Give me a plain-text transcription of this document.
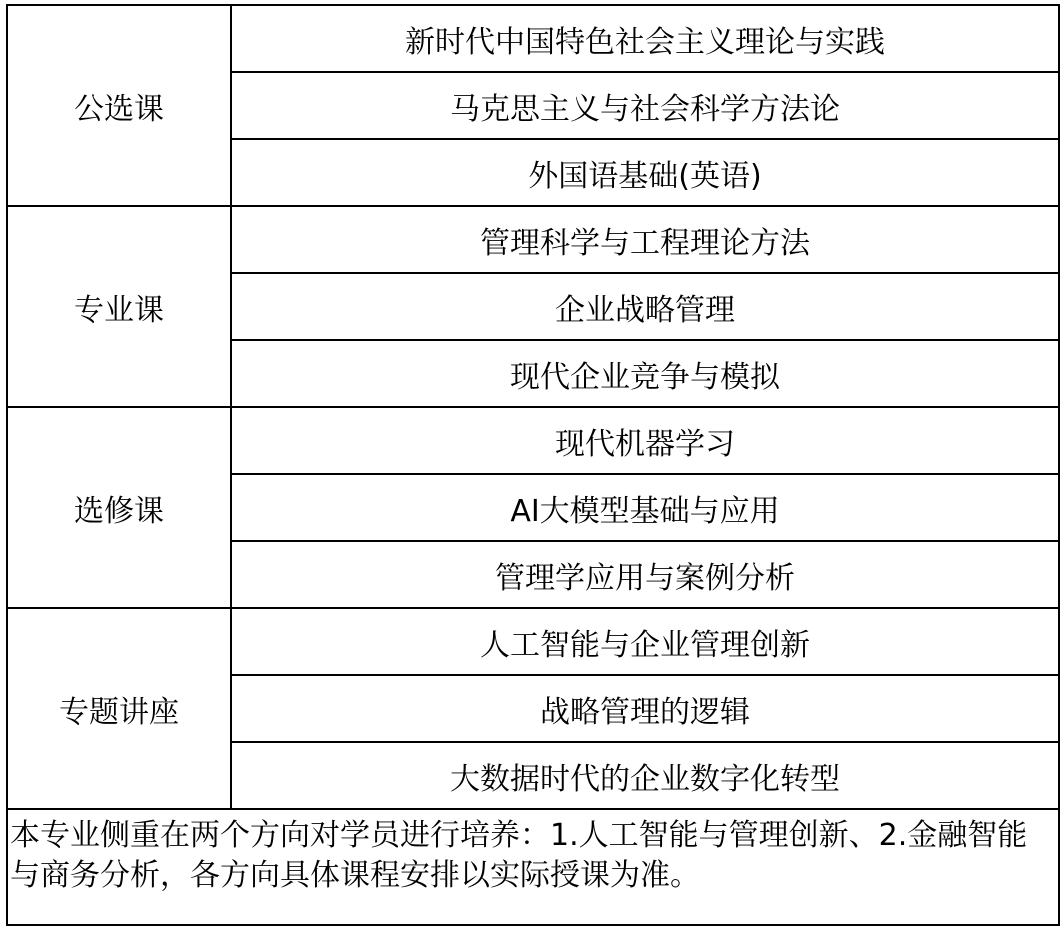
公选课	新时代中国特色社会主义理论与实践
	马克思主义与社会科学方法论
	外国语基础(英语)
专业课	管理科学与工程理论方法
	企业战略管理
	现代企业竞争与模拟
选修课	现代机器学习
	AI大模型基础与应用
	管理学应用与案例分析
专题讲座	人工智能与企业管理创新
	战略管理的逻辑
	大数据时代的企业数字化转型
本专业侧重在两个方向对学员进行培养：1.人工智能与管理创新、2.金融智能与商务分析，各方向具体课程安排以实际授课为准。	
